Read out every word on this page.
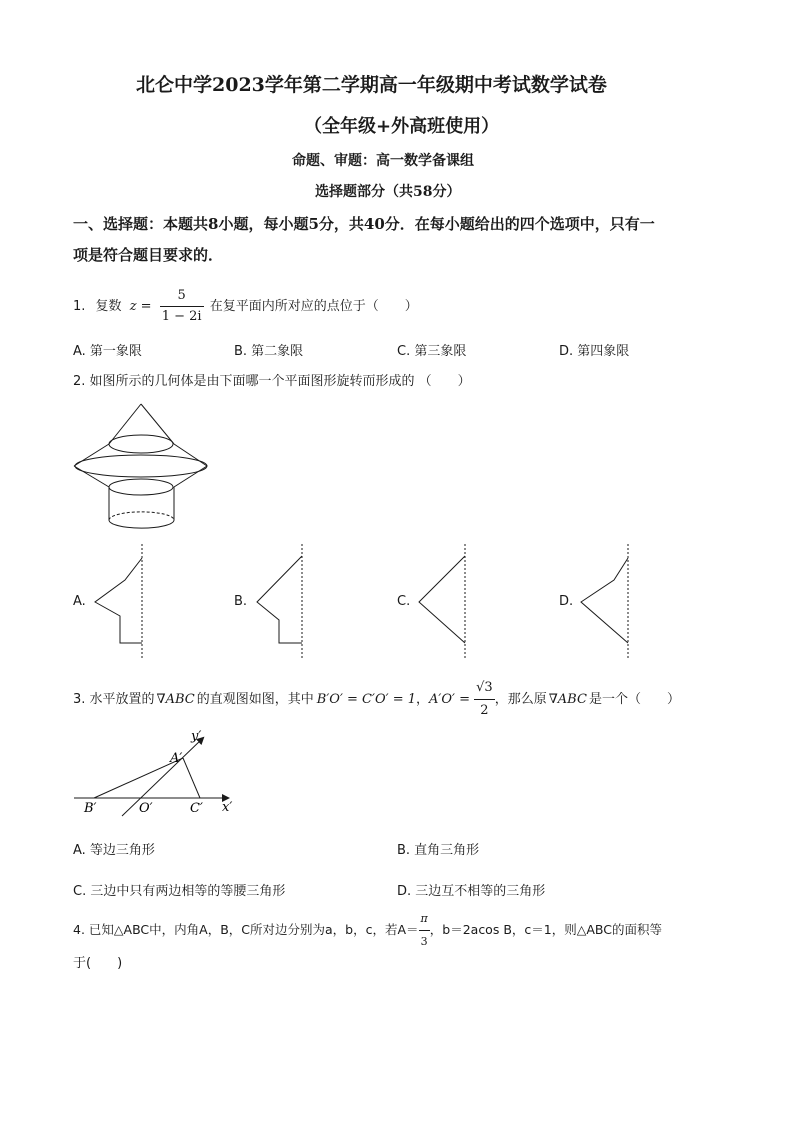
北仑中学2023学年第二学期高一年级期中考试数学试卷
（全年级+外高班使用）
命题、审题：高一数学备课组
选择题部分（共58分）
一、选择题：本题共8小题，每小题5分，共40分．在每小题给出的四个选项中，只有一
项是符合题目要求的．
1. 复数 $z = \frac{5}{1 - 2i}$ 在复平面内所对应的点位于（　　）
A. 第一象限	B. 第二象限	C. 第三象限	D. 第四象限
2. 如图所示的几何体是由下面哪一个平面图形旋转而形成的 （　　）
A.	B.	C.	D.
3. 水平放置的 ∇ABC 的直观图如图，其中 B′O′ = C′O′ = 1，$A'O' = \frac{√3}{2}$ ，那么原 ∇ABC 是一个（　　）
y′
A′
B′	O′	C′ x′
A. 等边三角形	B. 直角三角形
C. 三边中只有两边相等的等腰三角形	D. 三边互不相等的三角形
4. 已知△ABC中，内角A，B，C所对边分别为a，b，c，若$A= \frac{\pi}{3}$ ，b＝2acos B，c＝1，则△ABC的面积等
于(　　)
